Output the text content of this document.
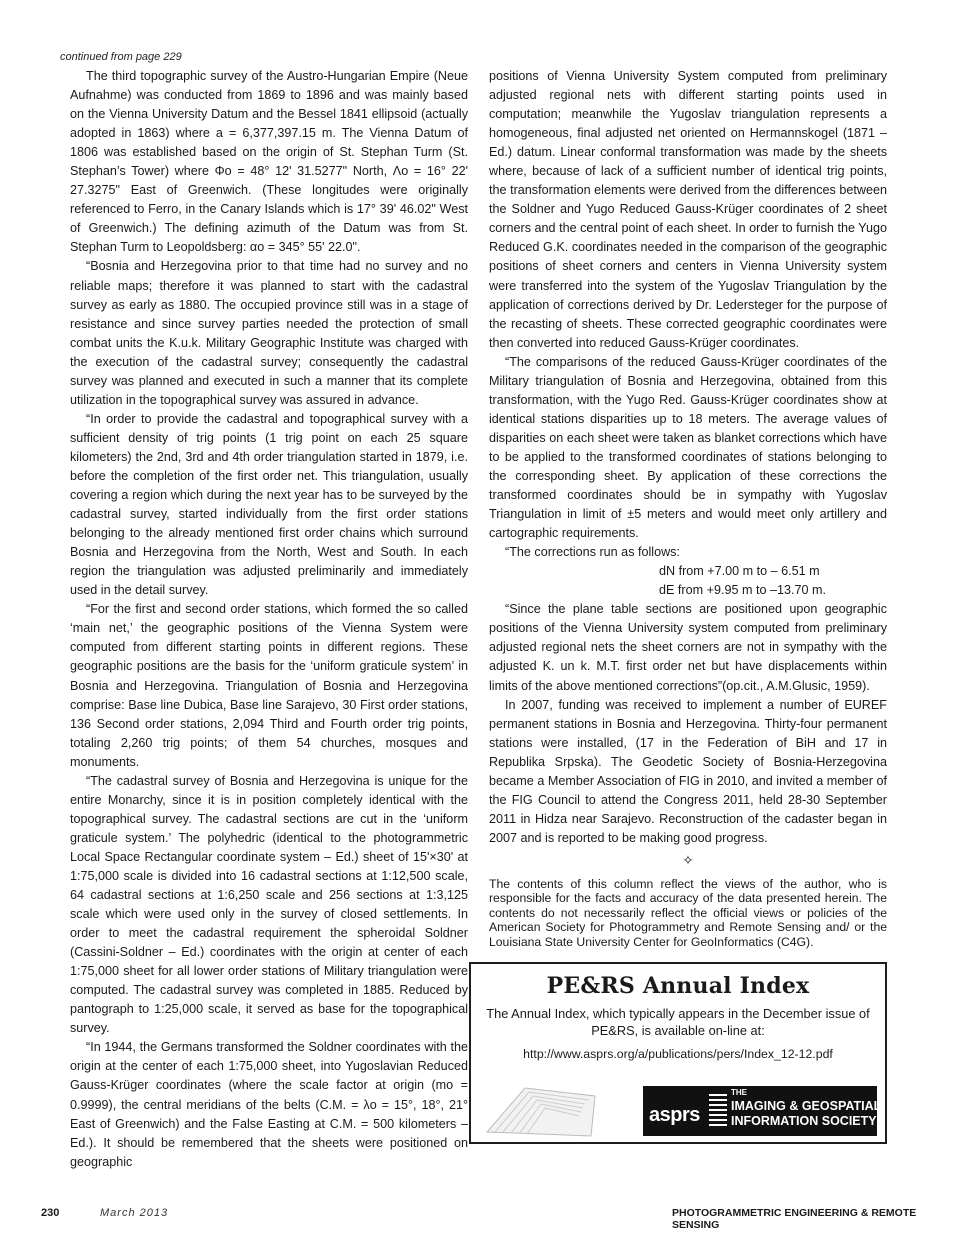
continued from page 229

The third topographic survey of the Austro-Hungarian Empire (Neue Aufnahme) was conducted from 1869 to 1896 and was mainly based on the Vienna University Datum and the Bessel 1841 ellipsoid (actually adopted in 1863) where a = 6,377,397.15 m. The Vienna Datum of 1806 was established based on the origin of St. Stephan Turm (St. Stephan’s Tower) where Φo = 48° 12' 31.5277" North, Λo = 16° 22' 27.3275" East of Greenwich. (These longitudes were originally referenced to Ferro, in the Canary Islands which is 17° 39' 46.02" West of Greenwich.) The defining azimuth of the Datum was from St. Stephan Turm to Leopoldsberg: αo = 345° 55' 22.0".

“Bosnia and Herzegovina prior to that time had no survey and no reliable maps; therefore it was planned to start with the cadastral survey as early as 1880. The occupied province still was in a stage of resistance and since survey parties needed the protection of small combat units the K.u.k. Military Geographic Institute was charged with the execution of the cadastral survey; consequently the cadastral survey was planned and executed in such a manner that its complete utilization in the topographical survey was assured in advance.

“In order to provide the cadastral and topographical survey with a sufficient density of trig points (1 trig point on each 25 square kilometers) the 2nd, 3rd and 4th order triangulation started in 1879, i.e. before the completion of the first order net. This triangulation, usually covering a region which during the next year has to be surveyed by the cadastral survey, started individually from the first order stations belonging to the already mentioned first order chains which surround Bosnia and Herzegovina from the North, West and South. In each region the triangulation was adjusted preliminarily and immediately used in the detail survey.

“For the first and second order stations, which formed the so called ‘main net,’ the geographic positions of the Vienna System were computed from different starting points in different regions. These geographic positions are the basis for the ‘uniform graticule system’ in Bosnia and Herzegovina. Triangulation of Bosnia and Herzegovina comprise: Base line Dubica, Base line Sarajevo, 30 First order stations, 136 Second order stations, 2,094 Third and Fourth order trig points, totaling 2,260 trig points; of them 54 churches, mosques and monuments.

“The cadastral survey of Bosnia and Herzegovina is unique for the entire Monarchy, since it is in position completely identical with the topographical survey. The cadastral sections are cut in the ‘uniform graticule system.’ The polyhedric (identical to the photogrammetric Local Space Rectangular coordinate system – Ed.) sheet of 15'×30' at 1:75,000 scale is divided into 16 cadastral sections at 1:12,500 scale, 64 cadastral sections at 1:6,250 scale and 256 sections at 1:3,125 scale which were used only in the survey of closed settlements. In order to meet the cadastral requirement the spheroidal Soldner (Cassini-Soldner – Ed.) coordinates with the origin at center of each 1:75,000 sheet for all lower order stations of Military triangulation were computed. The cadastral survey was completed in 1885. Reduced by pantograph to 1:25,000 scale, it served as base for the topographical survey.

“In 1944, the Germans transformed the Soldner coordinates with the origin at the center of each 1:75,000 sheet, into Yugoslavian Reduced Gauss-Krüger coordinates (where the scale factor at origin (mo = 0.9999), the central meridians of the belts (C.M. = λo = 15°, 18°, 21° East of Greenwich) and the False Easting at C.M. = 500 kilometers – Ed.). It should be remembered that the sheets were positioned on geographic

positions of Vienna University System computed from preliminary adjusted regional nets with different starting points used in computation; meanwhile the Yugoslav triangulation represents a homogeneous, final adjusted net oriented on Hermannskogel (1871 – Ed.) datum. Linear conformal transformation was made by the sheets where, because of lack of a sufficient number of identical trig points, the transformation elements were derived from the differences between the Soldner and Yugo Reduced Gauss-Krüger coordinates of 2 sheet corners and the central point of each sheet. In order to furnish the Yugo Reduced G.K. coordinates needed in the comparison of the geographic positions of sheet corners and centers in Vienna University system were transferred into the system of the Yugoslav Triangulation by the application of corrections derived by Dr. Ledersteger for the purpose of the recasting of sheets. These corrected geographic coordinates were then converted into reduced Gauss-Krüger coordinates.

“The comparisons of the reduced Gauss-Krüger coordinates of the Military triangulation of Bosnia and Herzegovina, obtained from this transformation, with the Yugo Red. Gauss-Krüger coordinates show at identical stations disparities up to 18 meters. The average values of disparities on each sheet were taken as blanket corrections which have to be applied to the transformed coordinates of stations belonging to the corresponding sheet. By application of these corrections the transformed coordinates should be in sympathy with Yugoslav Triangulation in limit of ±5 meters and would meet only artillery and cartographic requirements.

“The corrections run as follows:

dN from +7.00 m to – 6.51 m

dE from +9.95 m to –13.70 m.

“Since the plane table sections are positioned upon geographic positions of the Vienna University system computed from preliminary adjusted regional nets the sheet corners are not in sympathy with the adjusted K. un k. M.T. first order net but have displacements within limits of the above mentioned corrections”(op.cit., A.M.Glusic, 1959).

In 2007, funding was received to implement a number of EUREF permanent stations in Bosnia and Herzegovina. Thirty-four permanent stations were installed, (17 in the Federation of BiH and 17 in Republika Srpska). The Geodetic Society of Bosnia-Herzegovina became a Member Association of FIG in 2010, and invited a member of the FIG Council to attend the Congress 2011, held 28-30 September 2011 in Hidza near Sarajevo. Reconstruction of the cadaster began in 2007 and is reported to be making good progress.

✧

The contents of this column reflect the views of the author, who is responsible for the facts and accuracy of the data presented herein. The contents do not necessarily reflect the official views or policies of the American Society for Photogrammetry and Remote Sensing and/ or the Louisiana State University Center for GeoInformatics (C4G).

PE&RS Annual Index
The Annual Index, which typically appears in the December issue of PE&RS, is available on-line at:
http://www.asprs.org/a/publications/pers/Index_12-12.pdf
asprs
THE
IMAGING & GEOSPATIAL
INFORMATION SOCIETY
230	March 2013	PHOTOGRAMMETRIC ENGINEERING & REMOTE SENSING
